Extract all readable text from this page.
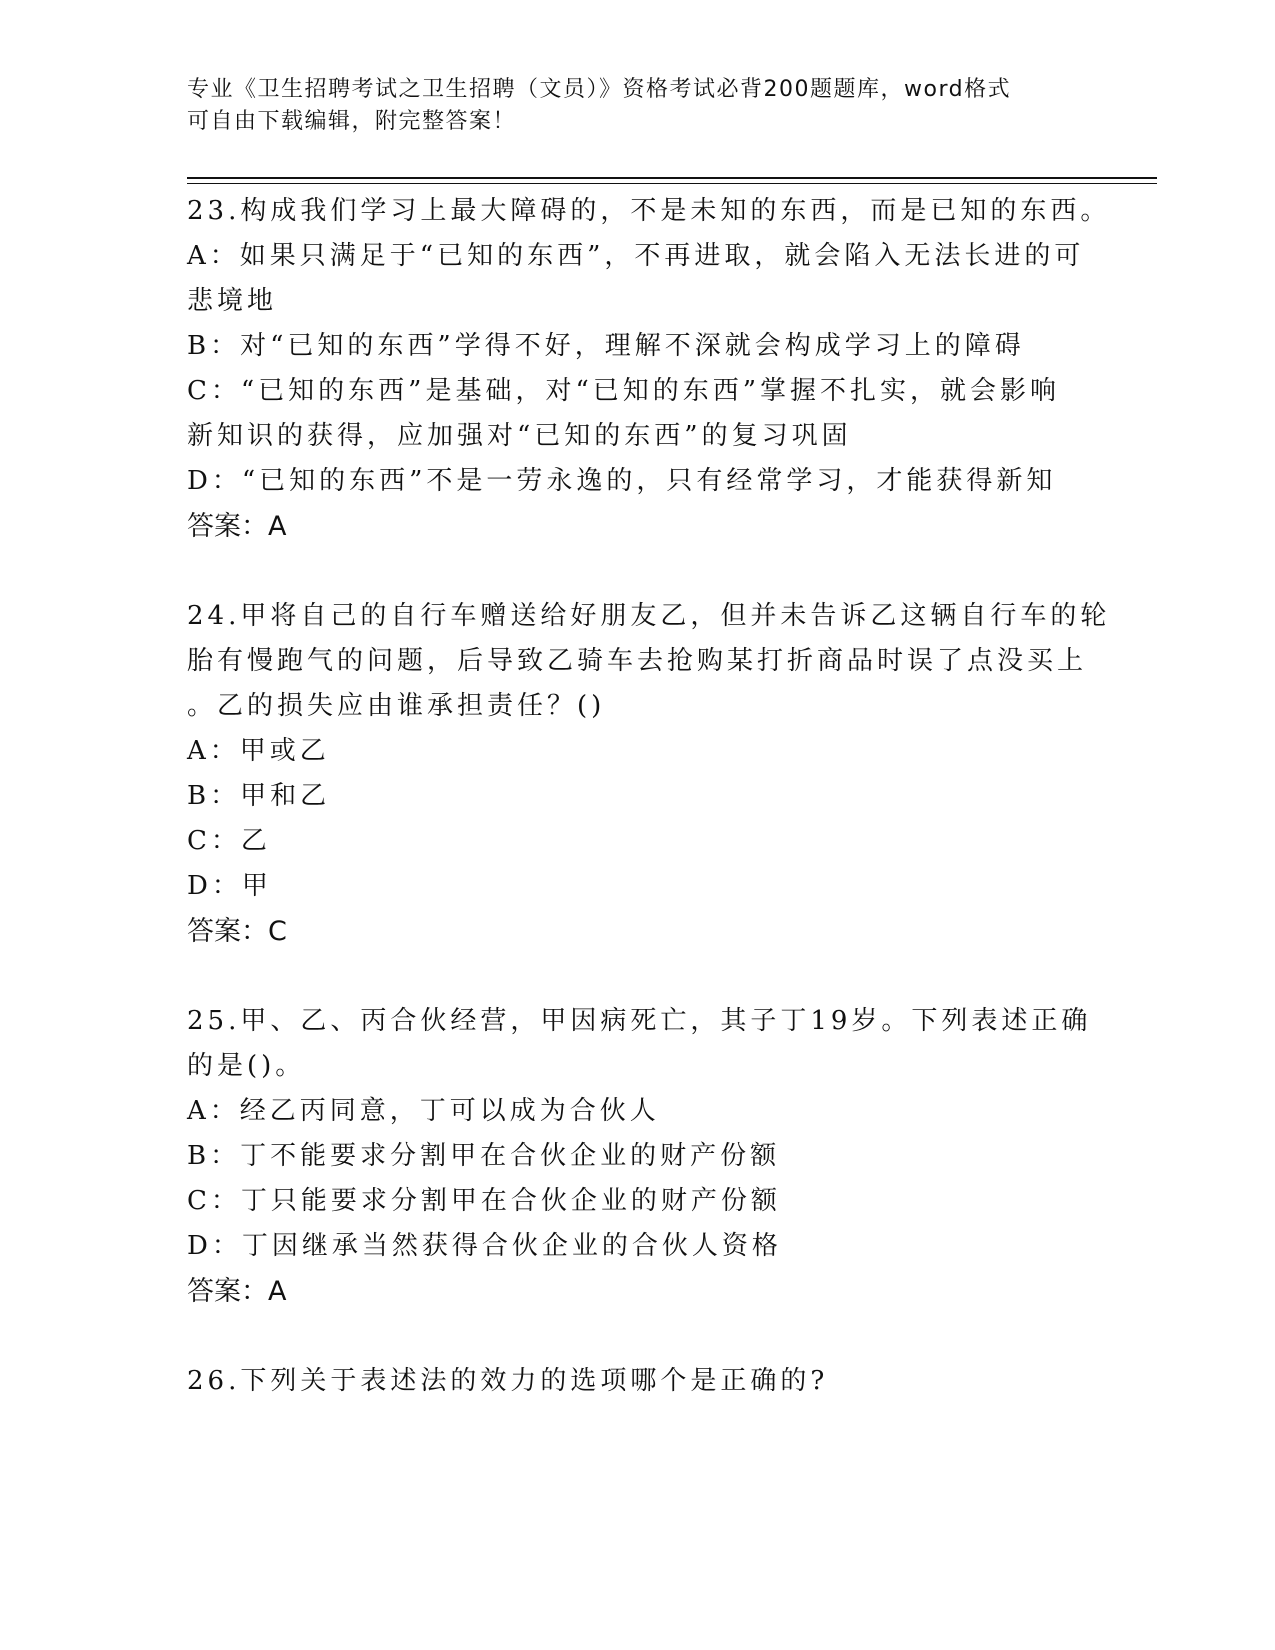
专业《卫生招聘考试之卫生招聘（文员）》资格考试必背200题题库，word格式
可自由下载编辑，附完整答案！
23.构成我们学习上最大障碍的，不是未知的东西，而是已知的东西。
A：如果只满足于“已知的东西”，不再进取，就会陷入无法长进的可
悲境地
B：对“已知的东西”学得不好，理解不深就会构成学习上的障碍
C：“已知的东西”是基础，对“已知的东西”掌握不扎实，就会影响
新知识的获得，应加强对“已知的东西”的复习巩固
D：“已知的东西”不是一劳永逸的，只有经常学习，才能获得新知
答案：A
24.甲将自己的自行车赠送给好朋友乙，但并未告诉乙这辆自行车的轮
胎有慢跑气的问题，后导致乙骑车去抢购某打折商品时误了点没买上
。乙的损失应由谁承担责任？()
A：甲或乙
B：甲和乙
C：乙
D：甲
答案：C
25.甲、乙、丙合伙经营，甲因病死亡，其子丁19岁。下列表述正确
的是()。
A：经乙丙同意，丁可以成为合伙人
B：丁不能要求分割甲在合伙企业的财产份额
C：丁只能要求分割甲在合伙企业的财产份额
D：丁因继承当然获得合伙企业的合伙人资格
答案：A
26.下列关于表述法的效力的选项哪个是正确的?
